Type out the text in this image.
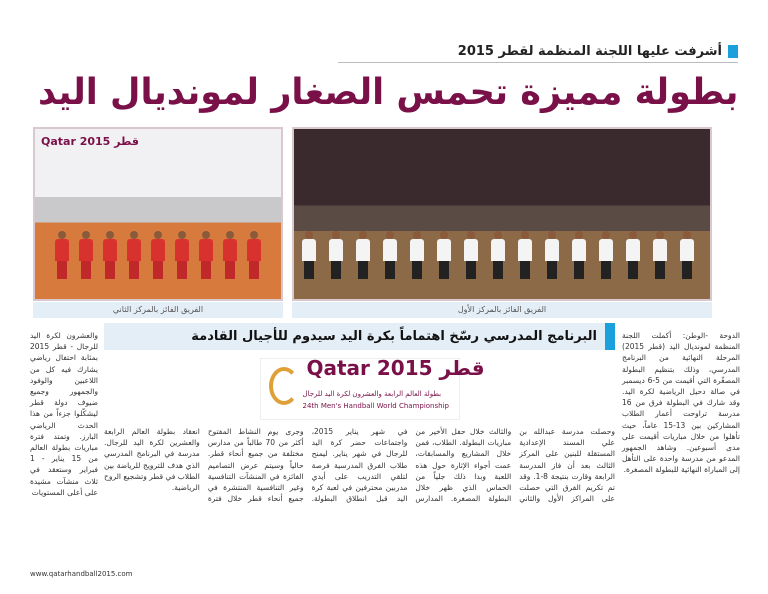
أشرفت عليها اللجنة المنظمة لقطر 2015
بطولة مميزة تحمس الصغار لمونديال اليد
Qatar 2015 قطر
الفريق الفائز بالمركز الثاني	الفريق الفائز بالمركز الأول
البرنامج المدرسي رسّخ اهتماماً بكرة اليد سيدوم للأجيال القادمة	الدوحة -الوطن: أكملت اللجنة المنظمة لمونديال اليد (قطر 2015) المرحلة النهائية من البرنامج المدرسي، وذلك بتنظيم البطولة المصغّرة التي أقيمت من 5-6 ديسمبر في صالة دحيل الرياضية لكرة اليد. وقد شارك في البطولة فرق من 16 مدرسة تراوحت أعمار الطلاب المشاركين بين 13-15 عاماً، حيث تأهلوا من خلال مباريات أقيمت على مدى أسبوعين. وشاهد الجمهور المدعو من مدرسة واحدة على التأهل إلى المباراة النهائية للبطولة المصغرة.
والعشرون لكرة اليد للرجال - قطر 2015 بمثابة احتفال رياضي يشارك فيه كل من اللاعبين والوفود والجمهور وجميع ضيوف دولة قطر ليشكّلوا جزءاً من هذا الحدث الرياضي البارز. وتمتد فترة مباريات بطولة العالم من 15 يناير - 1 فبراير وستعقد في ثلاث منشآت مشيدة على أعلى المستويات
Qatar 2015 قطر
بطولة العالم الرابعة والعشرون لكرة اليد للرجال
24th Men's Handball World Championship
وحصلت مدرسة عبدالله بن علي المسند الإعدادية المستقلة للبنين على المركز الثالث بعد أن فاز المدرسة الرابعة وقارت بنتيجة 8-1. وقد تم تكريم الفرق التي حصلت على المراكز الأول والثاني والثالث خلال حفل الأخير من مباريات البطولة. الطلاب، فمن خلال المشاريع والمسابقات، عمت أجواء الإثارة حول هذه اللعبة وبدا ذلك جلياً من الحماس الذي ظهر خلال البطولة المصغرة. المدارس في شهر يناير 2015، واجتماعات حضر كرة اليد للرجال في شهر يناير. ليمنح طلاب الفرق المدرسية فرصة لتلقي التدريب على أيدي مدربين محترفين في لعبة كرة اليد قبل انطلاق البطولة. وجرى يوم النشاط المفتوح أكثر من 70 طالباً من مدارس مختلفة من جميع أنحاء قطر. حالياً وسيتم عرض التصاميم الفائزة في المنشآت التنافسية وغير التنافسية المنتشرة في جميع أنحاء قطر خلال فترة انعقاد بطولة العالم الرابعة والعشرين لكرة اليد للرجال. مدرسة في البرنامج المدرسي الذي هدف للترويج للرياضة بين الطلاب في قطر وتشجيع الروح الرياضية.
www.qatarhandball2015.com
